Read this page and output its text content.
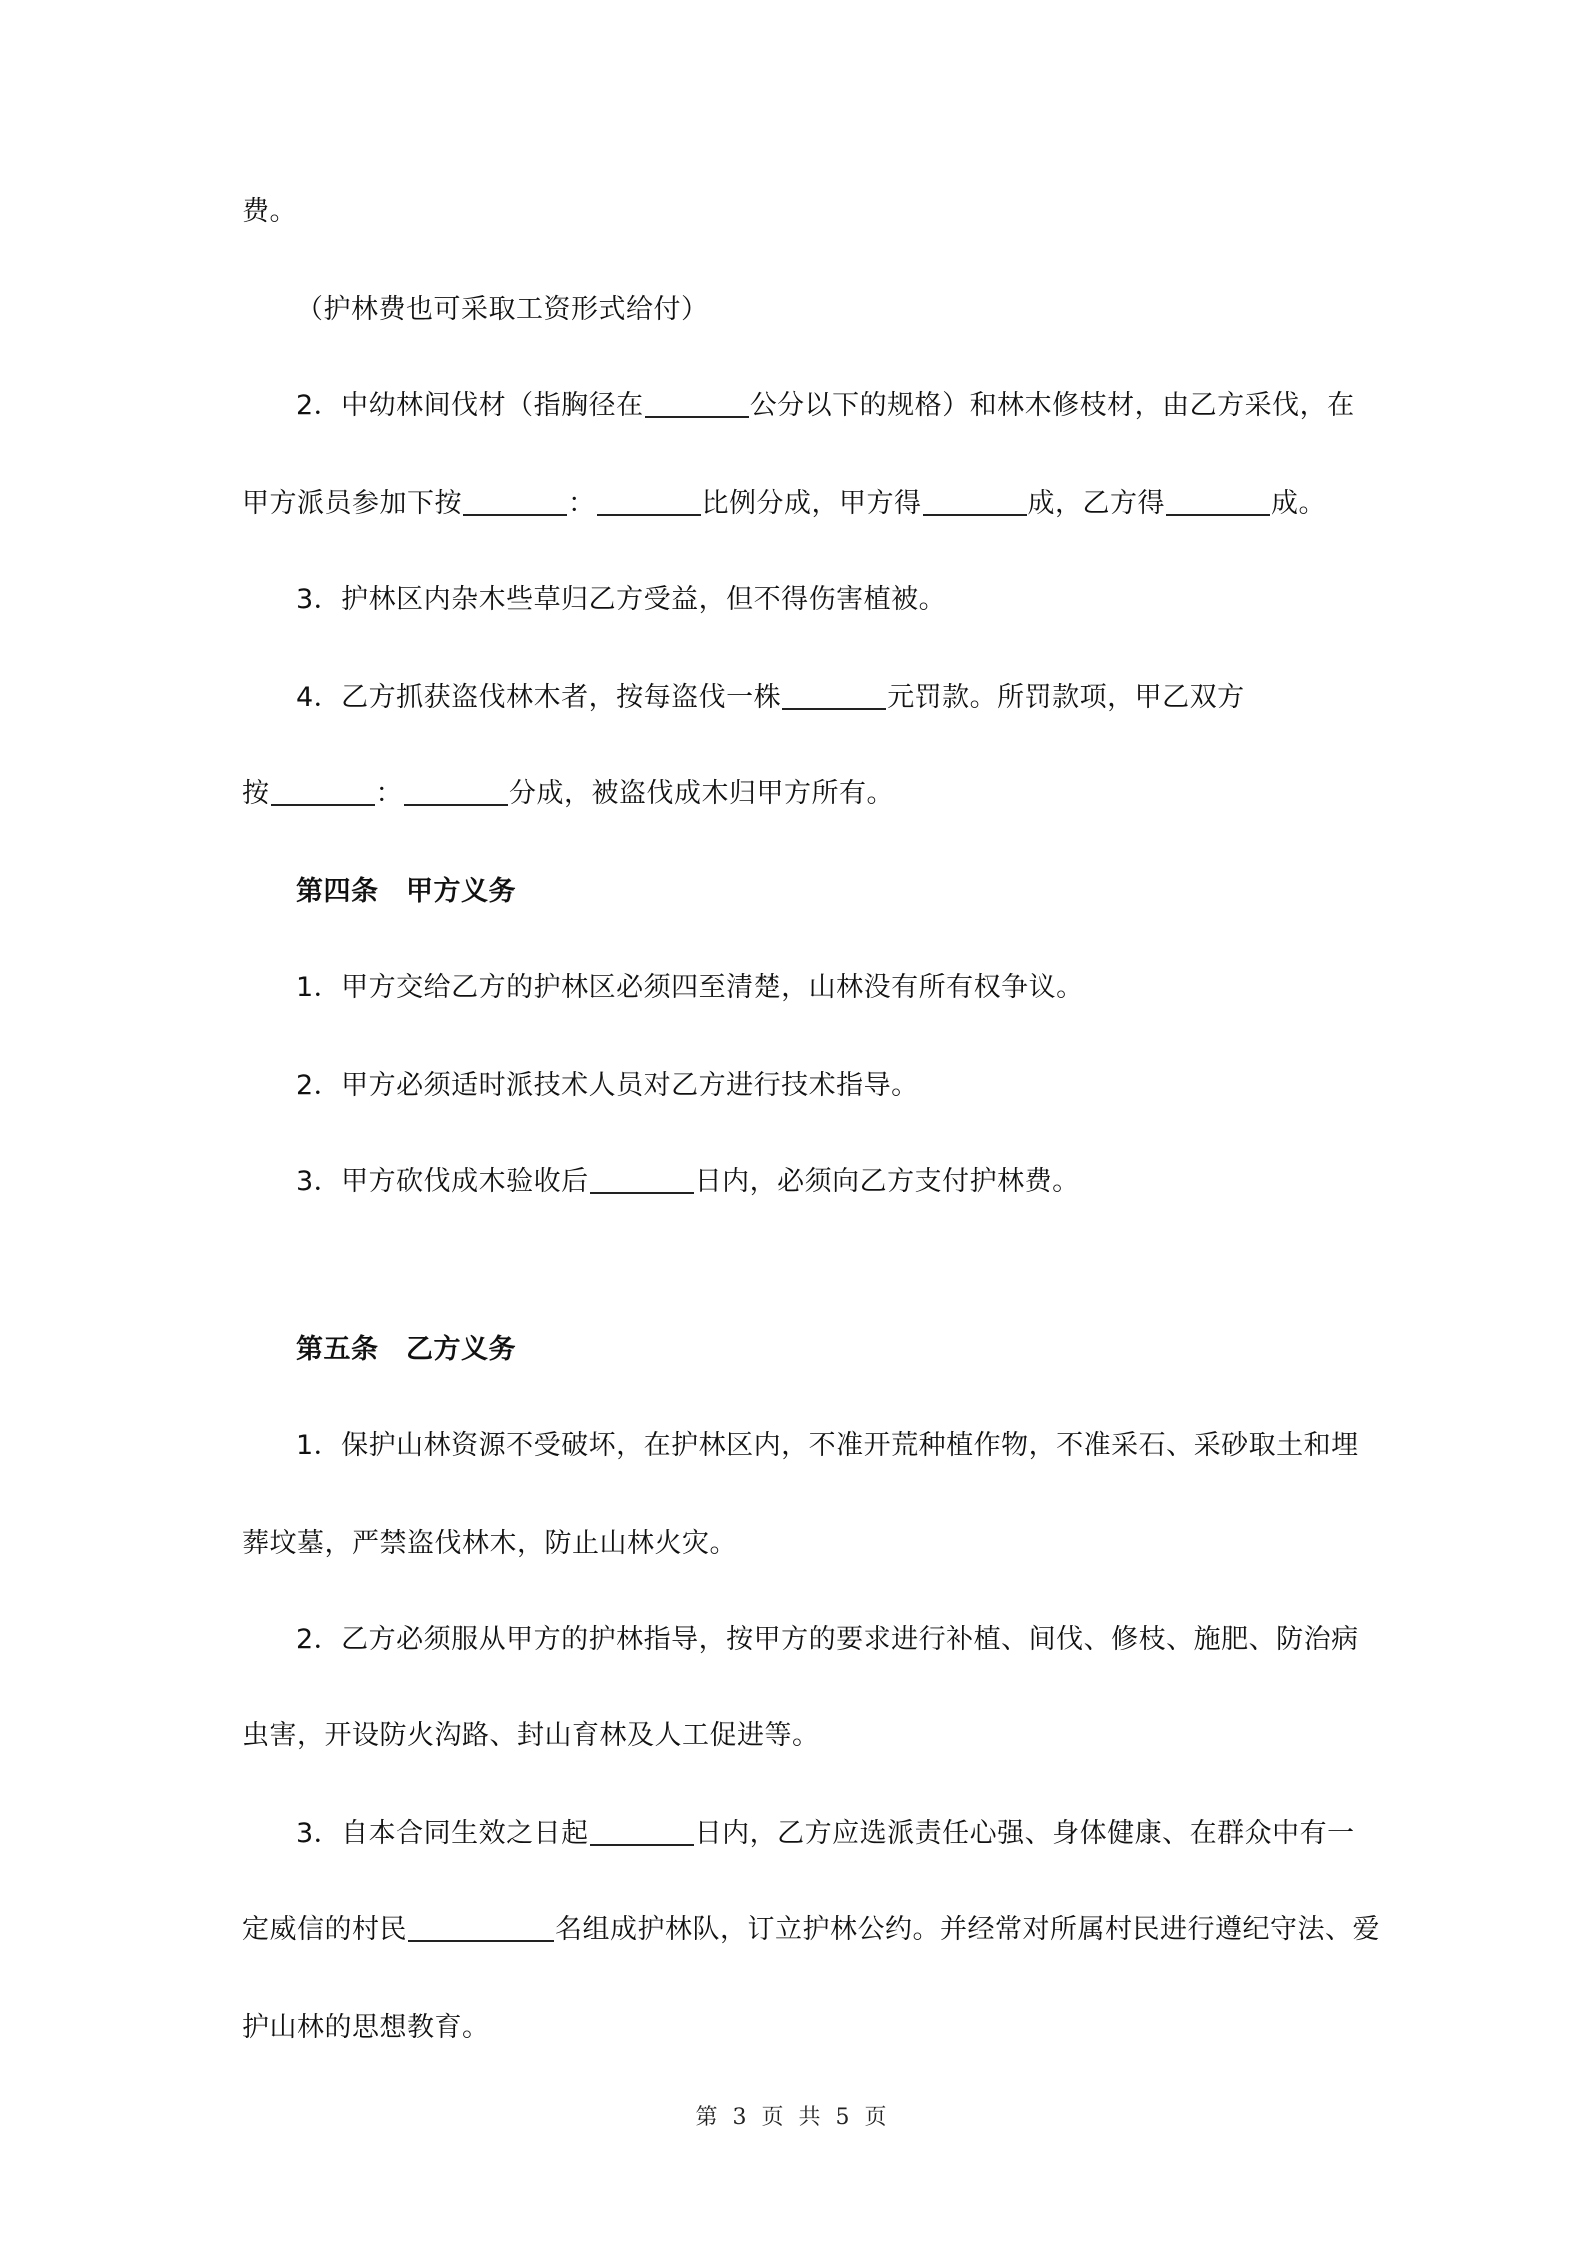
费。
（护林费也可采取工资形式给付）
2．中幼林间伐材（指胸径在	公分以下的规格）和林木修枝材，由乙方采伐，在
甲方派员参加下按	：	比例分成，甲方得	成，乙方得	成。
3．护林区内杂木些草归乙方受益，但不得伤害植被。
4．乙方抓获盗伐林木者，按每盗伐一株	元罚款。所罚款项，甲乙双方
按	：	分成，被盗伐成木归甲方所有。
第四条　甲方义务
1．甲方交给乙方的护林区必须四至清楚，山林没有所有权争议。
2．甲方必须适时派技术人员对乙方进行技术指导。
3．甲方砍伐成木验收后	日内，必须向乙方支付护林费。
第五条　乙方义务
1．保护山林资源不受破坏，在护林区内，不准开荒种植作物，不准采石、采砂取土和埋
葬坟墓，严禁盗伐林木，防止山林火灾。
2．乙方必须服从甲方的护林指导，按甲方的要求进行补植、间伐、修枝、施肥、防治病
虫害，开设防火沟路、封山育林及人工促进等。
3．自本合同生效之日起	日内，乙方应选派责任心强、身体健康、在群众中有一
定威信的村民	名组成护林队，订立护林公约。并经常对所属村民进行遵纪守法、爱
护山林的思想教育。
第 3 页 共 5 页
